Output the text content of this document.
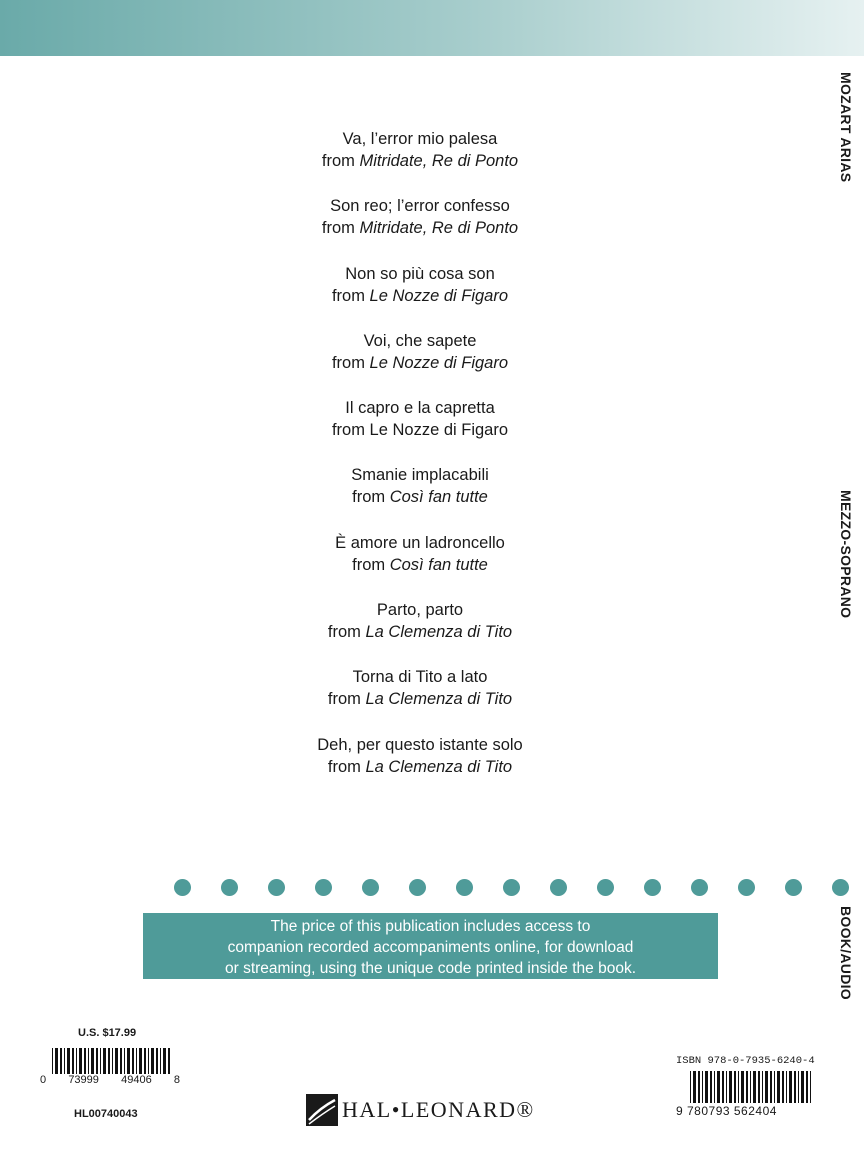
MOZART ARIAS
MEZZO-SOPRANO
BOOK/AUDIO
Va, l’error mio palesa
from Mitridate, Re di Ponto
Son reo; l’error confesso
from Mitridate, Re di Ponto
Non so più cosa son
from Le Nozze di Figaro
Voi, che sapete
from Le Nozze di Figaro
Il capro e la capretta
from Le Nozze di Figaro
Smanie implacabili
from Così fan tutte
È amore un ladroncello
from Così fan tutte
Parto, parto
from La Clemenza di Tito
Torna di Tito a lato
from La Clemenza di Tito
Deh, per questo istante solo
from La Clemenza di Tito
The price of this publication includes access to
companion recorded accompaniments online, for download
or streaming, using the unique code printed inside the book.
U.S. $17.99
0 73999 49406 8
HL00740043	HAL•LEONARD®
ISBN 978-0-7935-6240-4
9 780793 562404
